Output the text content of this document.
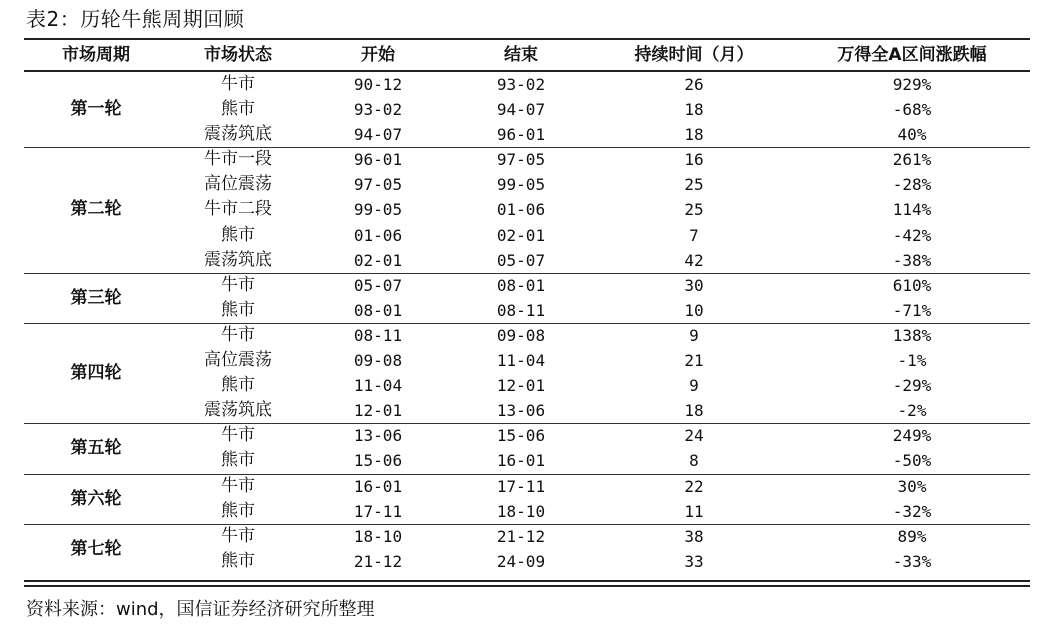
表2：历轮牛熊周期回顾
市场周期	市场状态	开始	结束	持续时间（月）	万得全A区间涨跌幅
第一轮
牛市	90-12	93-02	26	929%
熊市	93-02	94-07	18	-68%
震荡筑底	94-07	96-01	18	40%
第二轮
牛市一段	96-01	97-05	16	261%
高位震荡	97-05	99-05	25	-28%
牛市二段	99-05	01-06	25	114%
熊市	01-06	02-01	7	-42%
震荡筑底	02-01	05-07	42	-38%
第三轮
牛市	05-07	08-01	30	610%
熊市	08-01	08-11	10	-71%
第四轮
牛市	08-11	09-08	9	138%
高位震荡	09-08	11-04	21	-1%
熊市	11-04	12-01	9	-29%
震荡筑底	12-01	13-06	18	-2%
第五轮
牛市	13-06	15-06	24	249%
熊市	15-06	16-01	8	-50%
第六轮
牛市	16-01	17-11	22	30%
熊市	17-11	18-10	11	-32%
第七轮
牛市	18-10	21-12	38	89%
熊市	21-12	24-09	33	-33%
资料来源：wind，国信证券经济研究所整理
